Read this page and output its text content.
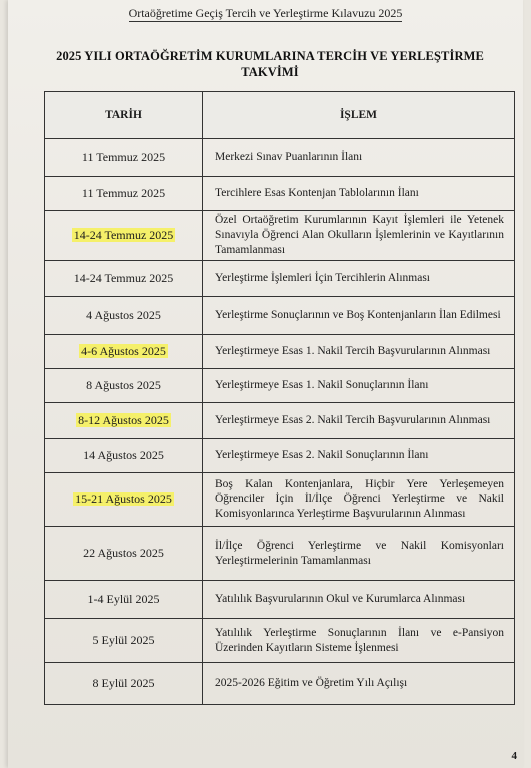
Ortaöğretime Geçiş Tercih ve Yerleştirme Kılavuzu 2025
2025 YILI ORTAÖĞRETİM KURUMLARINA TERCİH VE YERLEŞTİRME
TAKVİMİ
TARİH	İŞLEM
11 Temmuz 2025	Merkezi Sınav Puanlarının İlanı
11 Temmuz 2025	Tercihlere Esas Kontenjan Tablolarının İlanı
14-24 Temmuz 2025	Özel Ortaöğretim Kurumlarının Kayıt İşlemleri ile Yetenek Sınavıyla Öğrenci Alan Okulların İşlemlerinin ve Kayıtlarının Tamamlanması
14-24 Temmuz 2025	Yerleştirme İşlemleri İçin Tercihlerin Alınması
4 Ağustos 2025	Yerleştirme Sonuçlarının ve Boş Kontenjanların İlan Edilmesi
4-6 Ağustos 2025	Yerleştirmeye Esas 1. Nakil Tercih Başvurularının Alınması
8 Ağustos 2025	Yerleştirmeye Esas 1. Nakil Sonuçlarının İlanı
8-12 Ağustos 2025	Yerleştirmeye Esas 2. Nakil Tercih Başvurularının Alınması
14 Ağustos 2025	Yerleştirmeye Esas 2. Nakil Sonuçlarının İlanı
15-21 Ağustos 2025	Boş Kalan Kontenjanlara, Hiçbir Yere Yerleşemeyen Öğrenciler İçin İl/İlçe Öğrenci Yerleştirme ve Nakil Komisyonlarınca Yerleştirme Başvurularının Alınması
22 Ağustos 2025	İl/İlçe Öğrenci Yerleştirme ve Nakil Komisyonları Yerleştirmelerinin Tamamlanması
1-4 Eylül 2025	Yatılılık Başvurularının Okul ve Kurumlarca Alınması
5 Eylül 2025	Yatılılık Yerleştirme Sonuçlarının İlanı ve e-Pansiyon Üzerinden Kayıtların Sisteme İşlenmesi
8 Eylül 2025	2025-2026 Eğitim ve Öğretim Yılı Açılışı
4
